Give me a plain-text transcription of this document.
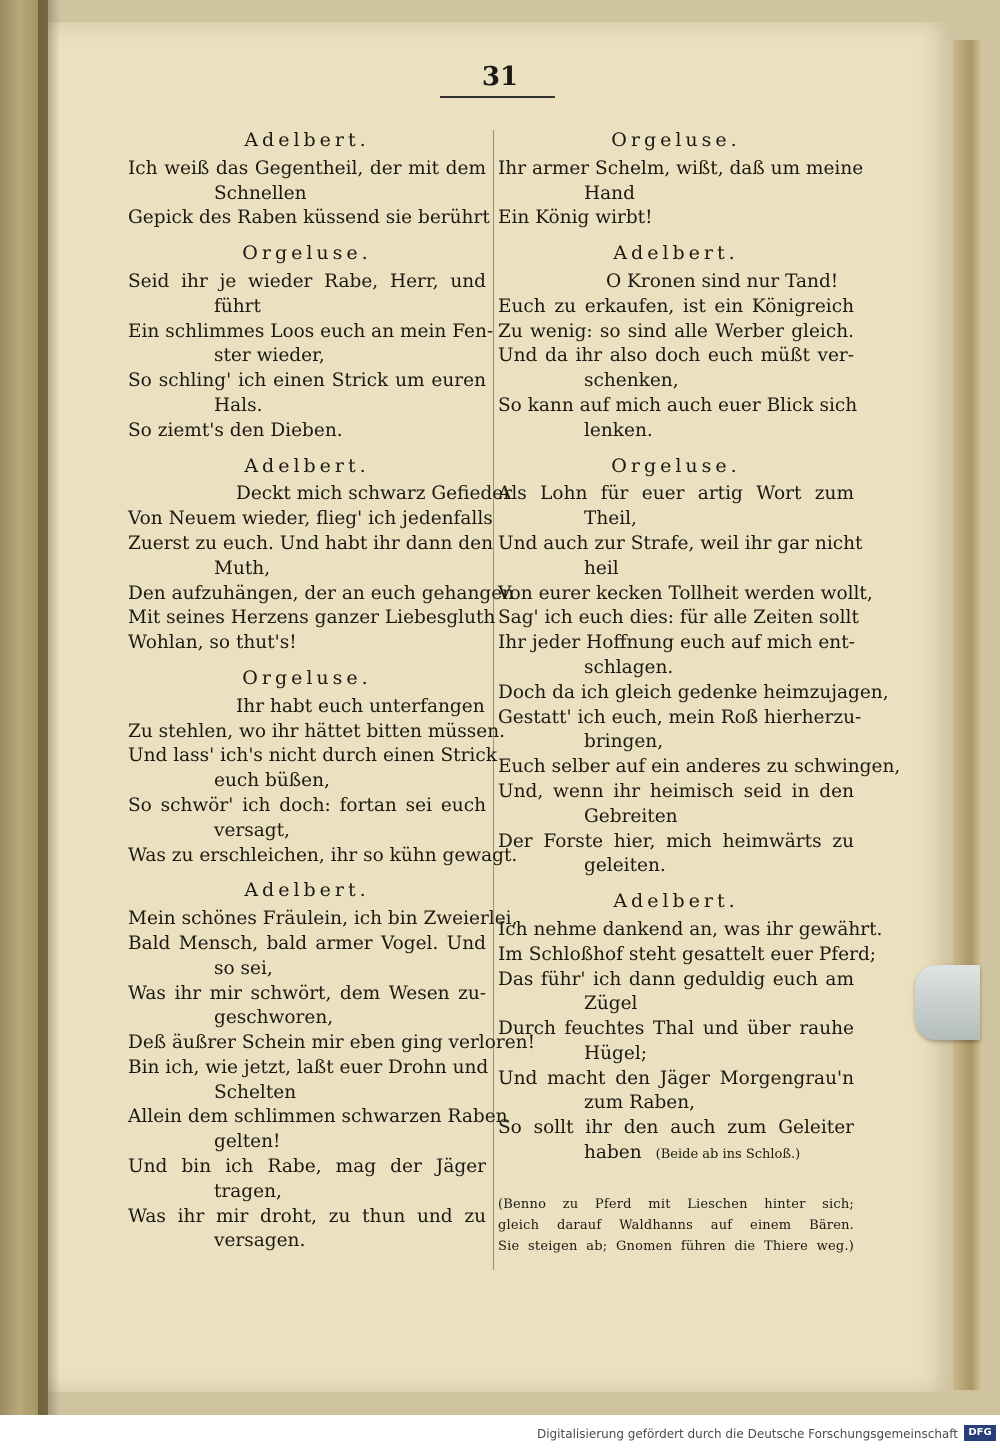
31
Adelbert.
Ich weiß das Gegentheil, der mit dem
Schnellen
Gepick des Raben küssend sie berührt
Orgeluse.
Seid ihr je wieder Rabe, Herr, und
führt
Ein schlimmes Loos euch an mein Fen-
ster wieder,
So schling' ich einen Strick um euren
Hals.
So ziemt's den Dieben.
Adelbert.
Deckt mich schwarz Gefieder
Von Neuem wieder, flieg' ich jedenfalls
Zuerst zu euch. Und habt ihr dann den
Muth,
Den aufzuhängen, der an euch gehangen
Mit seines Herzens ganzer Liebesgluth
Wohlan, so thut's!
Orgeluse.
Ihr habt euch unterfangen
Zu stehlen, wo ihr hättet bitten müssen.
Und lass' ich's nicht durch einen Strick
euch büßen,
So schwör' ich doch: fortan sei euch
versagt,
Was zu erschleichen, ihr so kühn gewagt.
Adelbert.
Mein schönes Fräulein, ich bin Zweierlei,
Bald Mensch, bald armer Vogel. Und
so sei,
Was ihr mir schwört, dem Wesen zu-
geschworen,
Deß äußrer Schein mir eben ging verloren!
Bin ich, wie jetzt, laßt euer Drohn und
Schelten
Allein dem schlimmen schwarzen Raben
gelten!
Und bin ich Rabe, mag der Jäger
tragen,
Was ihr mir droht, zu thun und zu
versagen.
Orgeluse.
Ihr armer Schelm, wißt, daß um meine
Hand
Ein König wirbt!
Adelbert.
O Kronen sind nur Tand!
Euch zu erkaufen, ist ein Königreich
Zu wenig: so sind alle Werber gleich.
Und da ihr also doch euch müßt ver-
schenken,
So kann auf mich auch euer Blick sich
lenken.
Orgeluse.
Als Lohn für euer artig Wort zum
Theil,
Und auch zur Strafe, weil ihr gar nicht
heil
Von eurer kecken Tollheit werden wollt,
Sag' ich euch dies: für alle Zeiten sollt
Ihr jeder Hoffnung euch auf mich ent-
schlagen.
Doch da ich gleich gedenke heimzujagen,
Gestatt' ich euch, mein Roß hierherzu-
bringen,
Euch selber auf ein anderes zu schwingen,
Und, wenn ihr heimisch seid in den
Gebreiten
Der Forste hier, mich heimwärts zu
geleiten.
Adelbert.
Ich nehme dankend an, was ihr gewährt.
Im Schloßhof steht gesattelt euer Pferd;
Das führ' ich dann geduldig euch am
Zügel
Durch feuchtes Thal und über rauhe
Hügel;
Und macht den Jäger Morgengrau'n
zum Raben,
So sollt ihr den auch zum Geleiter
haben (Beide ab ins Schloß.)
(Benno zu Pferd mit Lieschen hinter sich;
gleich darauf Waldhanns auf einem Bären.
Sie steigen ab; Gnomen führen die Thiere weg.)
Digitalisierung gefördert durch die Deutsche Forschungsgemeinschaft	DFG
